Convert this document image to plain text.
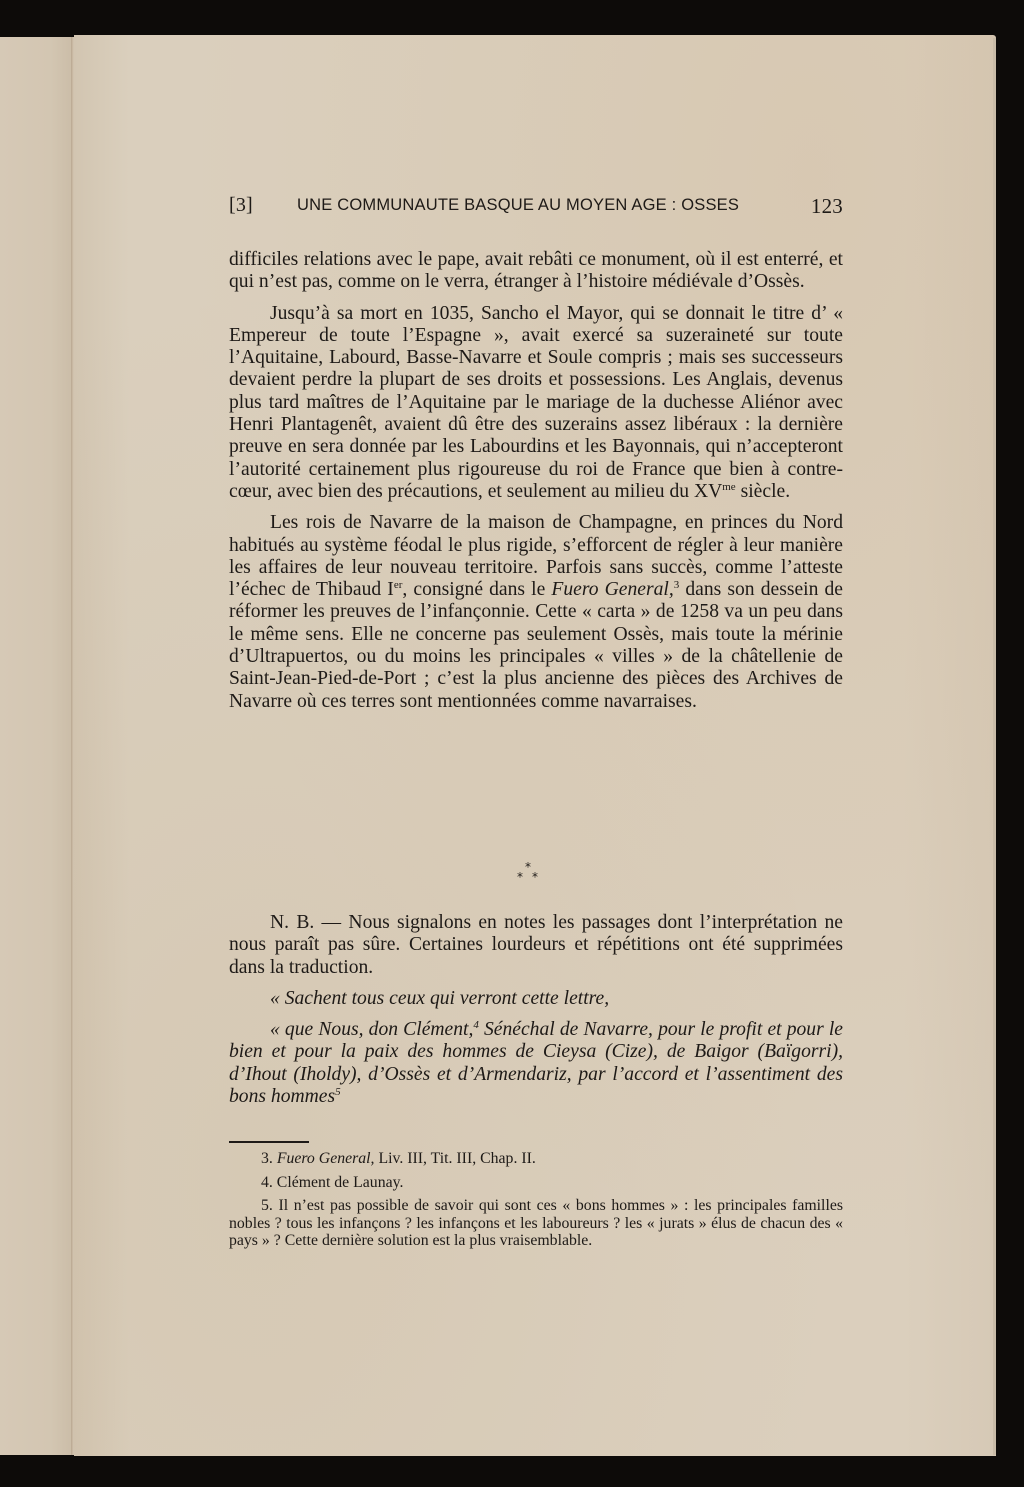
[3]	UNE COMMUNAUTE BASQUE AU MOYEN AGE : OSSES	123

difficiles relations avec le pape, avait rebâti ce monument, où il est enterré, et qui n’est pas, comme on le verra, étranger à l’histoire médiévale d’Ossès.

Jusqu’à sa mort en 1035, Sancho el Mayor, qui se donnait le titre d’ « Empereur de toute l’Espagne », avait exercé sa suzeraineté sur toute l’Aquitaine, Labourd, Basse-Navarre et Soule compris ; mais ses successeurs devaient perdre la plupart de ses droits et possessions. Les Anglais, devenus plus tard maîtres de l’Aquitaine par le mariage de la duchesse Aliénor avec Henri Plantagenêt, avaient dû être des suzerains assez libéraux : la dernière preuve en sera donnée par les Labourdins et les Bayonnais, qui n’accepteront l’autorité certainement plus rigoureuse du roi de France que bien à contre-cœur, avec bien des précautions, et seulement au milieu du $XV^{me}$ siècle.

Les rois de Navarre de la maison de Champagne, en princes du Nord habitués au système féodal le plus rigide, s’efforcent de régler à leur manière les affaires de leur nouveau territoire. Parfois sans succès, comme l’atteste l’échec de Thibaud Ier, consigné dans le Fuero General,$^3$ dans son dessein de réformer les preuves de l’infançonnie. Cette « carta » de 1258 va un peu dans le même sens. Elle ne concerne pas seulement Ossès, mais toute la mérinie d’Ultrapuertos, ou du moins les principales « villes » de la châtellenie de Saint-Jean-Pied-de-Port ; c’est la plus ancienne des pièces des Archives de Navarre où ces terres sont mentionnées comme navarraises.

*
* *

N. B. — Nous signalons en notes les passages dont l’interprétation ne nous paraît pas sûre. Certaines lourdeurs et répétitions ont été supprimées dans la traduction.

« Sachent tous ceux qui verront cette lettre,

« que Nous, don Clément,$^4$ Sénéchal de Navarre, pour le profit et pour le bien et pour la paix des hommes de Cieysa (Cize), de Baigor (Baïgorri), d’Ihout (Iholdy), d’Ossès et d’Armendariz, par l’accord et l’assentiment des bons hommes$^5$

3. Fuero General, Liv. III, Tit. III, Chap. II.

4. Clément de Launay.

5. Il n’est pas possible de savoir qui sont ces « bons hommes » : les principales familles nobles ? tous les infançons ? les infançons et les laboureurs ? les « jurats » élus de chacun des « pays » ? Cette dernière solution est la plus vraisemblable.
